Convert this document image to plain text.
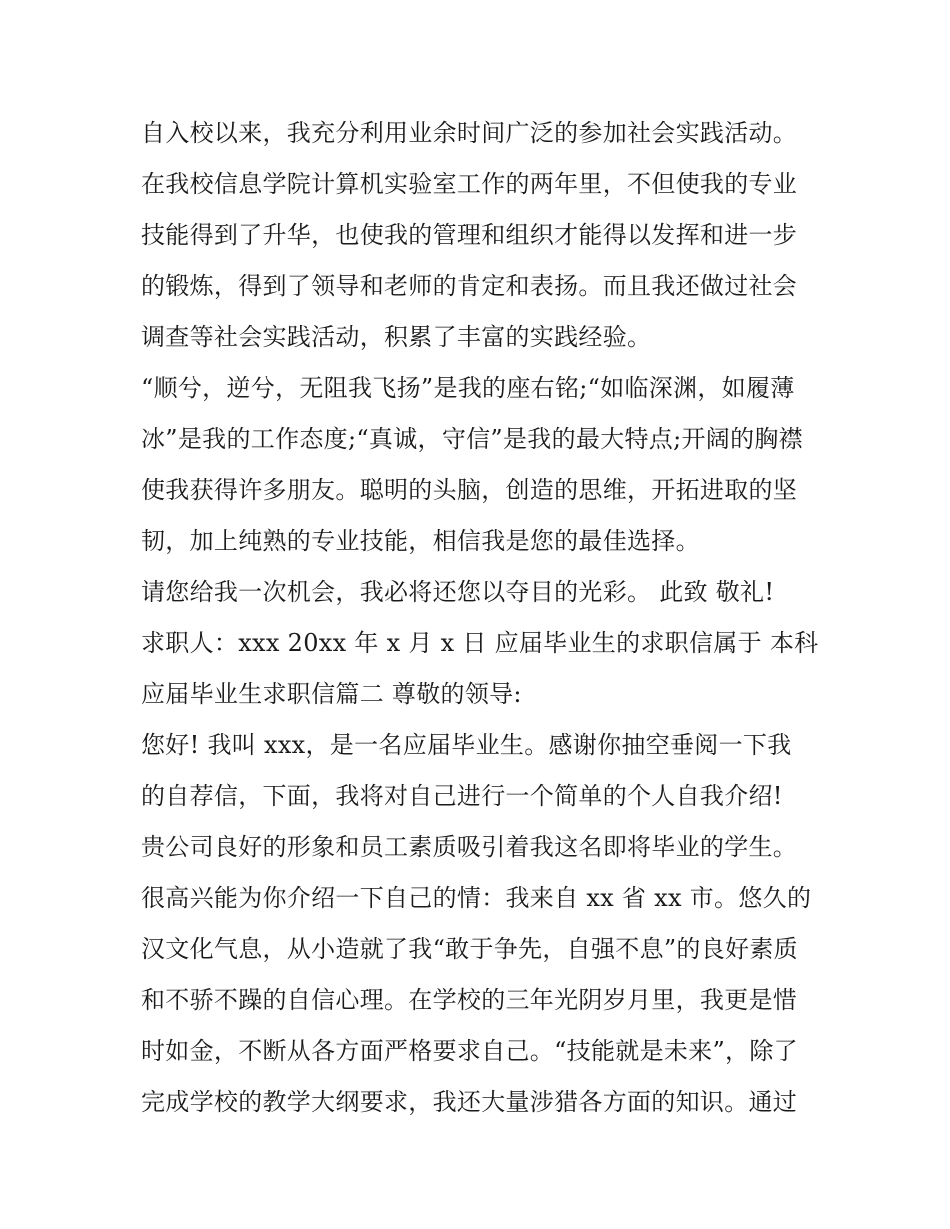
自入校以来，我充分利用业余时间广泛的参加社会实践活动。
在我校信息学院计算机实验室工作的两年里，不但使我的专业
技能得到了升华，也使我的管理和组织才能得以发挥和进一步
的锻炼，得到了领导和老师的肯定和表扬。而且我还做过社会
调查等社会实践活动，积累了丰富的实践经验。
“顺兮，逆兮，无阻我飞扬”是我的座右铭;“如临深渊，如履薄
冰”是我的工作态度;“真诚，守信”是我的最大特点;开阔的胸襟
使我获得许多朋友。聪明的头脑，创造的思维，开拓进取的坚
韧，加上纯熟的专业技能，相信我是您的最佳选择。
请您给我一次机会，我必将还您以夺目的光彩。 此致 敬礼!
求职人：xxx 20xx 年 x 月 x 日 应届毕业生的求职信属于 本科
应届毕业生求职信篇二 尊敬的领导:
您好! 我叫 xxx，是一名应届毕业生。感谢你抽空垂阅一下我
的自荐信，下面，我将对自己进行一个简单的个人自我介绍!
贵公司良好的形象和员工素质吸引着我这名即将毕业的学生。
很高兴能为你介绍一下自己的情：我来自 xx 省 xx 市。悠久的
汉文化气息，从小造就了我“敢于争先，自强不息”的良好素质
和不骄不躁的自信心理。在学校的三年光阴岁月里，我更是惜
时如金，不断从各方面严格要求自己。“技能就是未来”，除了
完成学校的教学大纲要求，我还大量涉猎各方面的知识。通过
